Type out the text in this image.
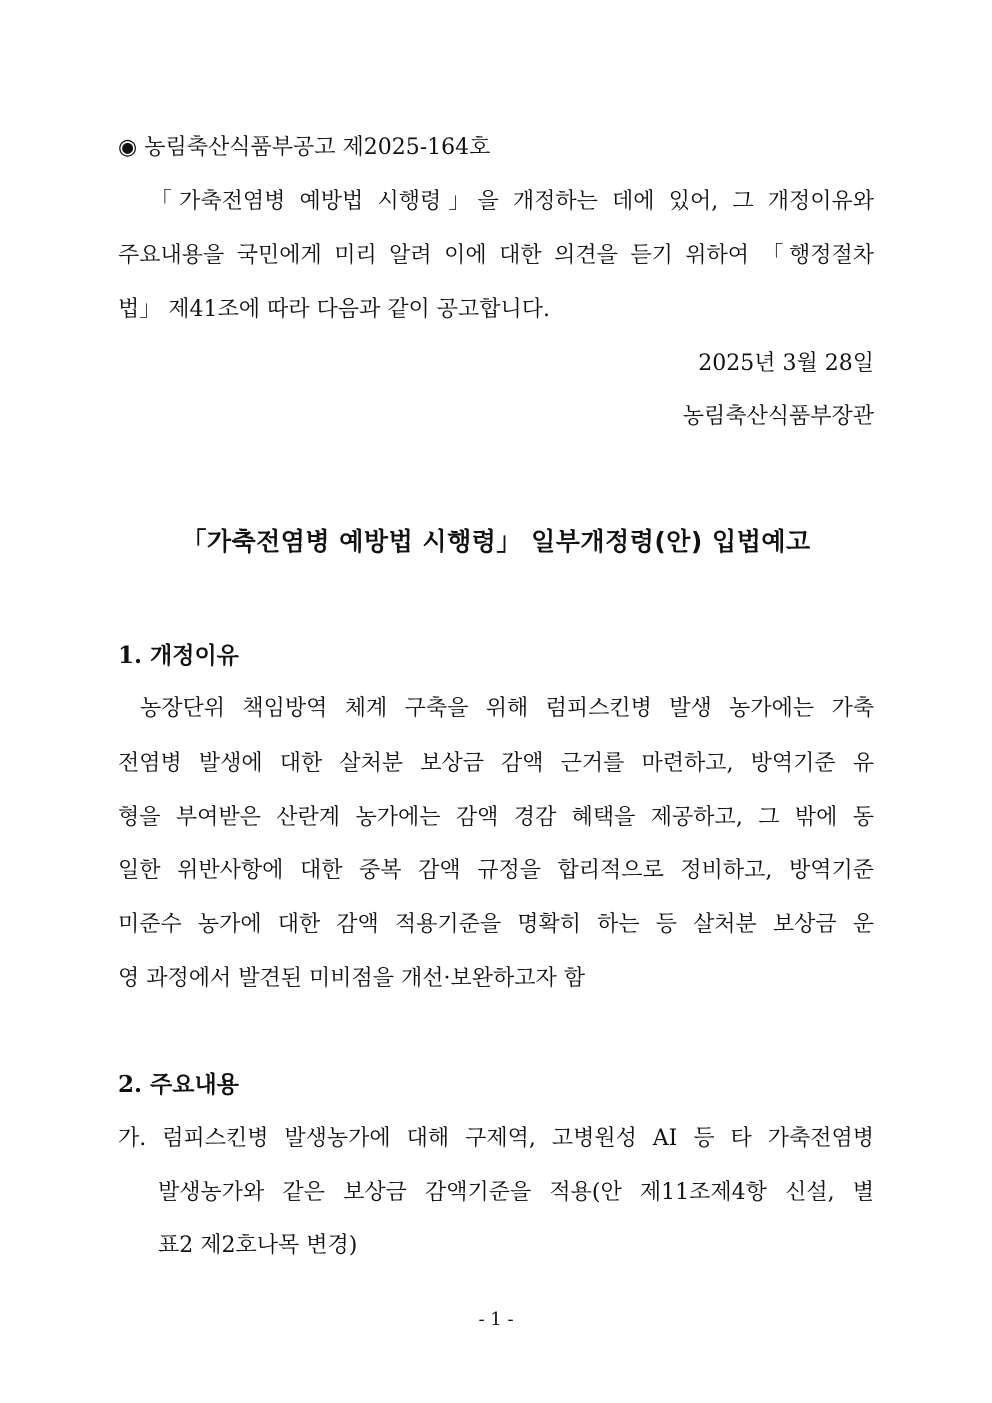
◉ 농림축산식품부공고 제2025-164호
「가축전염병 예방법 시행령」을 개정하는 데에 있어, 그 개정이유와
주요내용을 국민에게 미리 알려 이에 대한 의견을 듣기 위하여 「행정절차
법」 제41조에 따라 다음과 같이 공고합니다.
2025년 3월 28일
농림축산식품부장관
「가축전염병 예방법 시행령」 일부개정령(안) 입법예고
1. 개정이유
농장단위 책임방역 체계 구축을 위해 럼피스킨병 발생 농가에는 가축
전염병 발생에 대한 살처분 보상금 감액 근거를 마련하고, 방역기준 유
형을 부여받은 산란계 농가에는 감액 경감 혜택을 제공하고, 그 밖에 동
일한 위반사항에 대한 중복 감액 규정을 합리적으로 정비하고, 방역기준
미준수 농가에 대한 감액 적용기준을 명확히 하는 등 살처분 보상금 운
영 과정에서 발견된 미비점을 개선·보완하고자 함
2. 주요내용
가. 럼피스킨병 발생농가에 대해 구제역, 고병원성 AI 등 타 가축전염병
발생농가와 같은 보상금 감액기준을 적용(안 제11조제4항 신설, 별
표2 제2호나목 변경)
- 1 -
